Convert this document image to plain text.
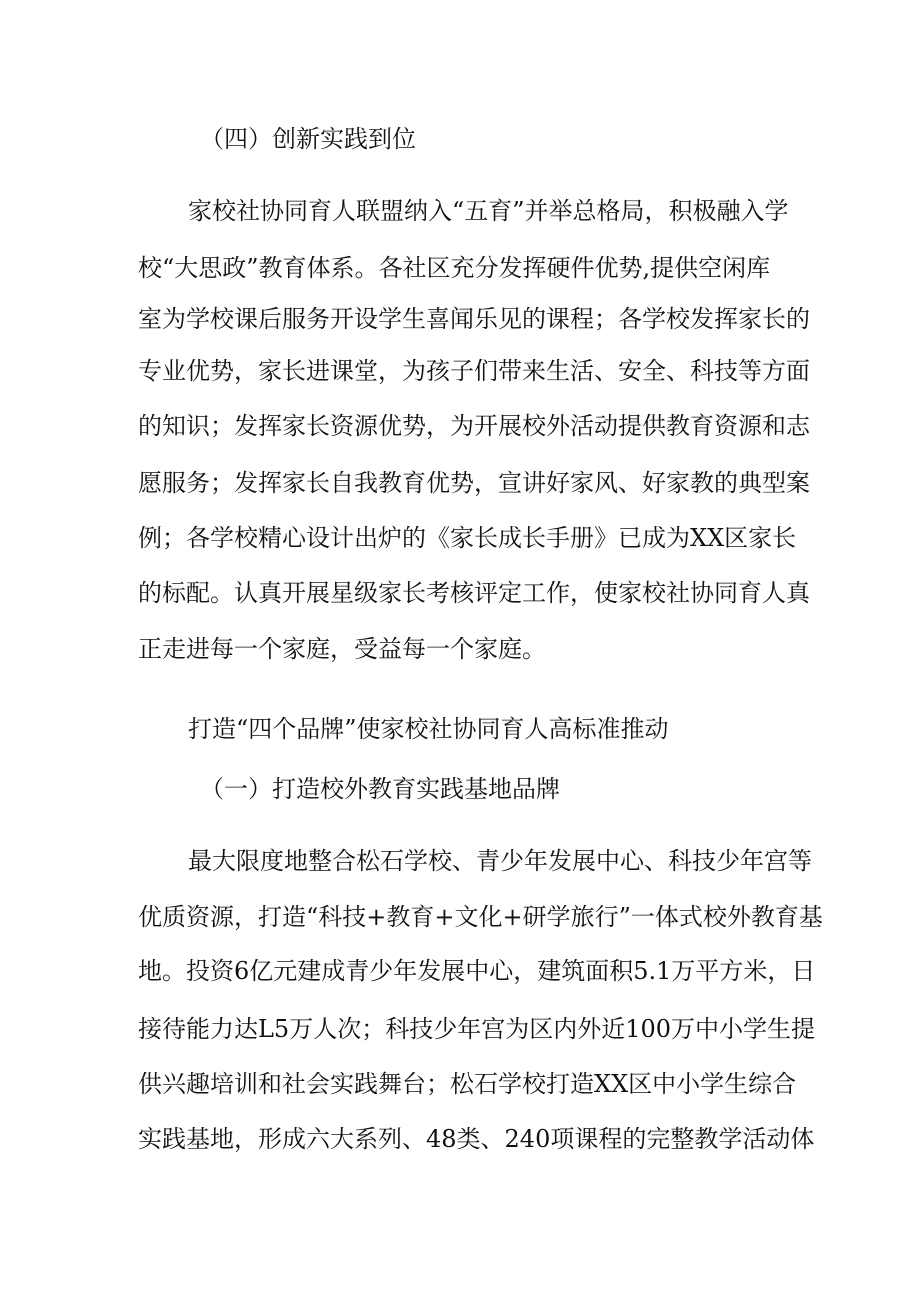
（四）创新实践到位

家校社协同育人联盟纳入“五育”并举总格局，积极融入学

校“大思政”教育体系。各社区充分发挥硬件优势,提供空闲库

室为学校课后服务开设学生喜闻乐见的课程；各学校发挥家长的

专业优势，家长进课堂，为孩子们带来生活、安全、科技等方面

的知识；发挥家长资源优势，为开展校外活动提供教育资源和志

愿服务；发挥家长自我教育优势，宣讲好家风、好家教的典型案

例；各学校精心设计出炉的《家长成长手册》已成为XX区家长

的标配。认真开展星级家长考核评定工作，使家校社协同育人真

正走进每一个家庭，受益每一个家庭。

打造“四个品牌”使家校社协同育人高标准推动

（一）打造校外教育实践基地品牌

最大限度地整合松石学校、青少年发展中心、科技少年宫等

优质资源，打造“科技+教育+文化+研学旅行”一体式校外教育基

地。投资6亿元建成青少年发展中心，建筑面积5.1万平方米，日

接待能力达L5万人次；科技少年宫为区内外近100万中小学生提

供兴趣培训和社会实践舞台；松石学校打造XX区中小学生综合

实践基地，形成六大系列、48类、240项课程的完整教学活动体
